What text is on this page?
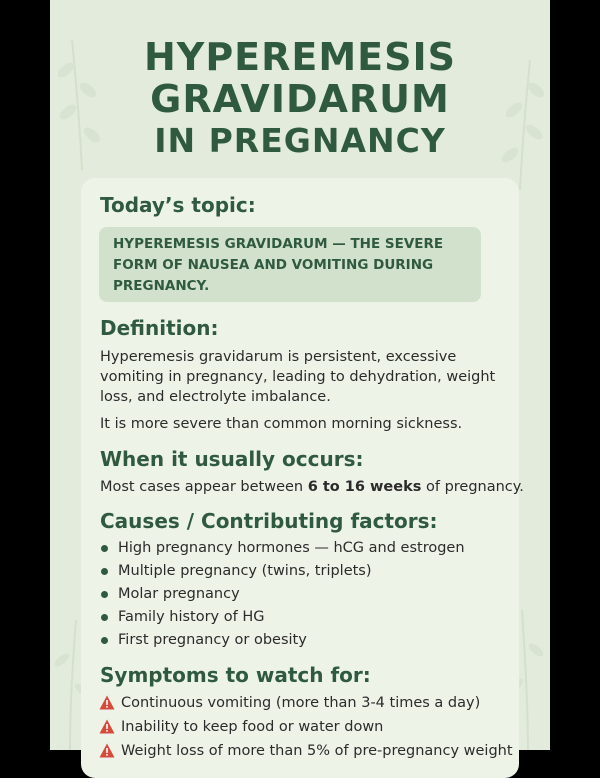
HYPEREMESIS
GRAVIDARUM
IN PREGNANCY
Today’s topic:
HYPEREMESIS GRAVIDARUM — THE SEVERE FORM OF NAUSEA AND VOMITING DURING PREGNANCY.
Definition:

Hyperemesis gravidarum is persistent, excessive vomiting in pregnancy, leading to dehydration, weight loss, and electrolyte imbalance.

It is more severe than common morning sickness.

When it usually occurs:

Most cases appear between 6 to 16 weeks of pregnancy.

Causes / Contributing factors:
High pregnancy hormones — hCG and estrogen
Multiple pregnancy (twins, triplets)
Molar pregnancy
Family history of HG
First pregnancy or obesity
Symptoms to watch for:
Continuous vomiting (more than 3-4 times a day)
Inability to keep food or water down
Weight loss of more than 5% of pre-pregnancy weight
